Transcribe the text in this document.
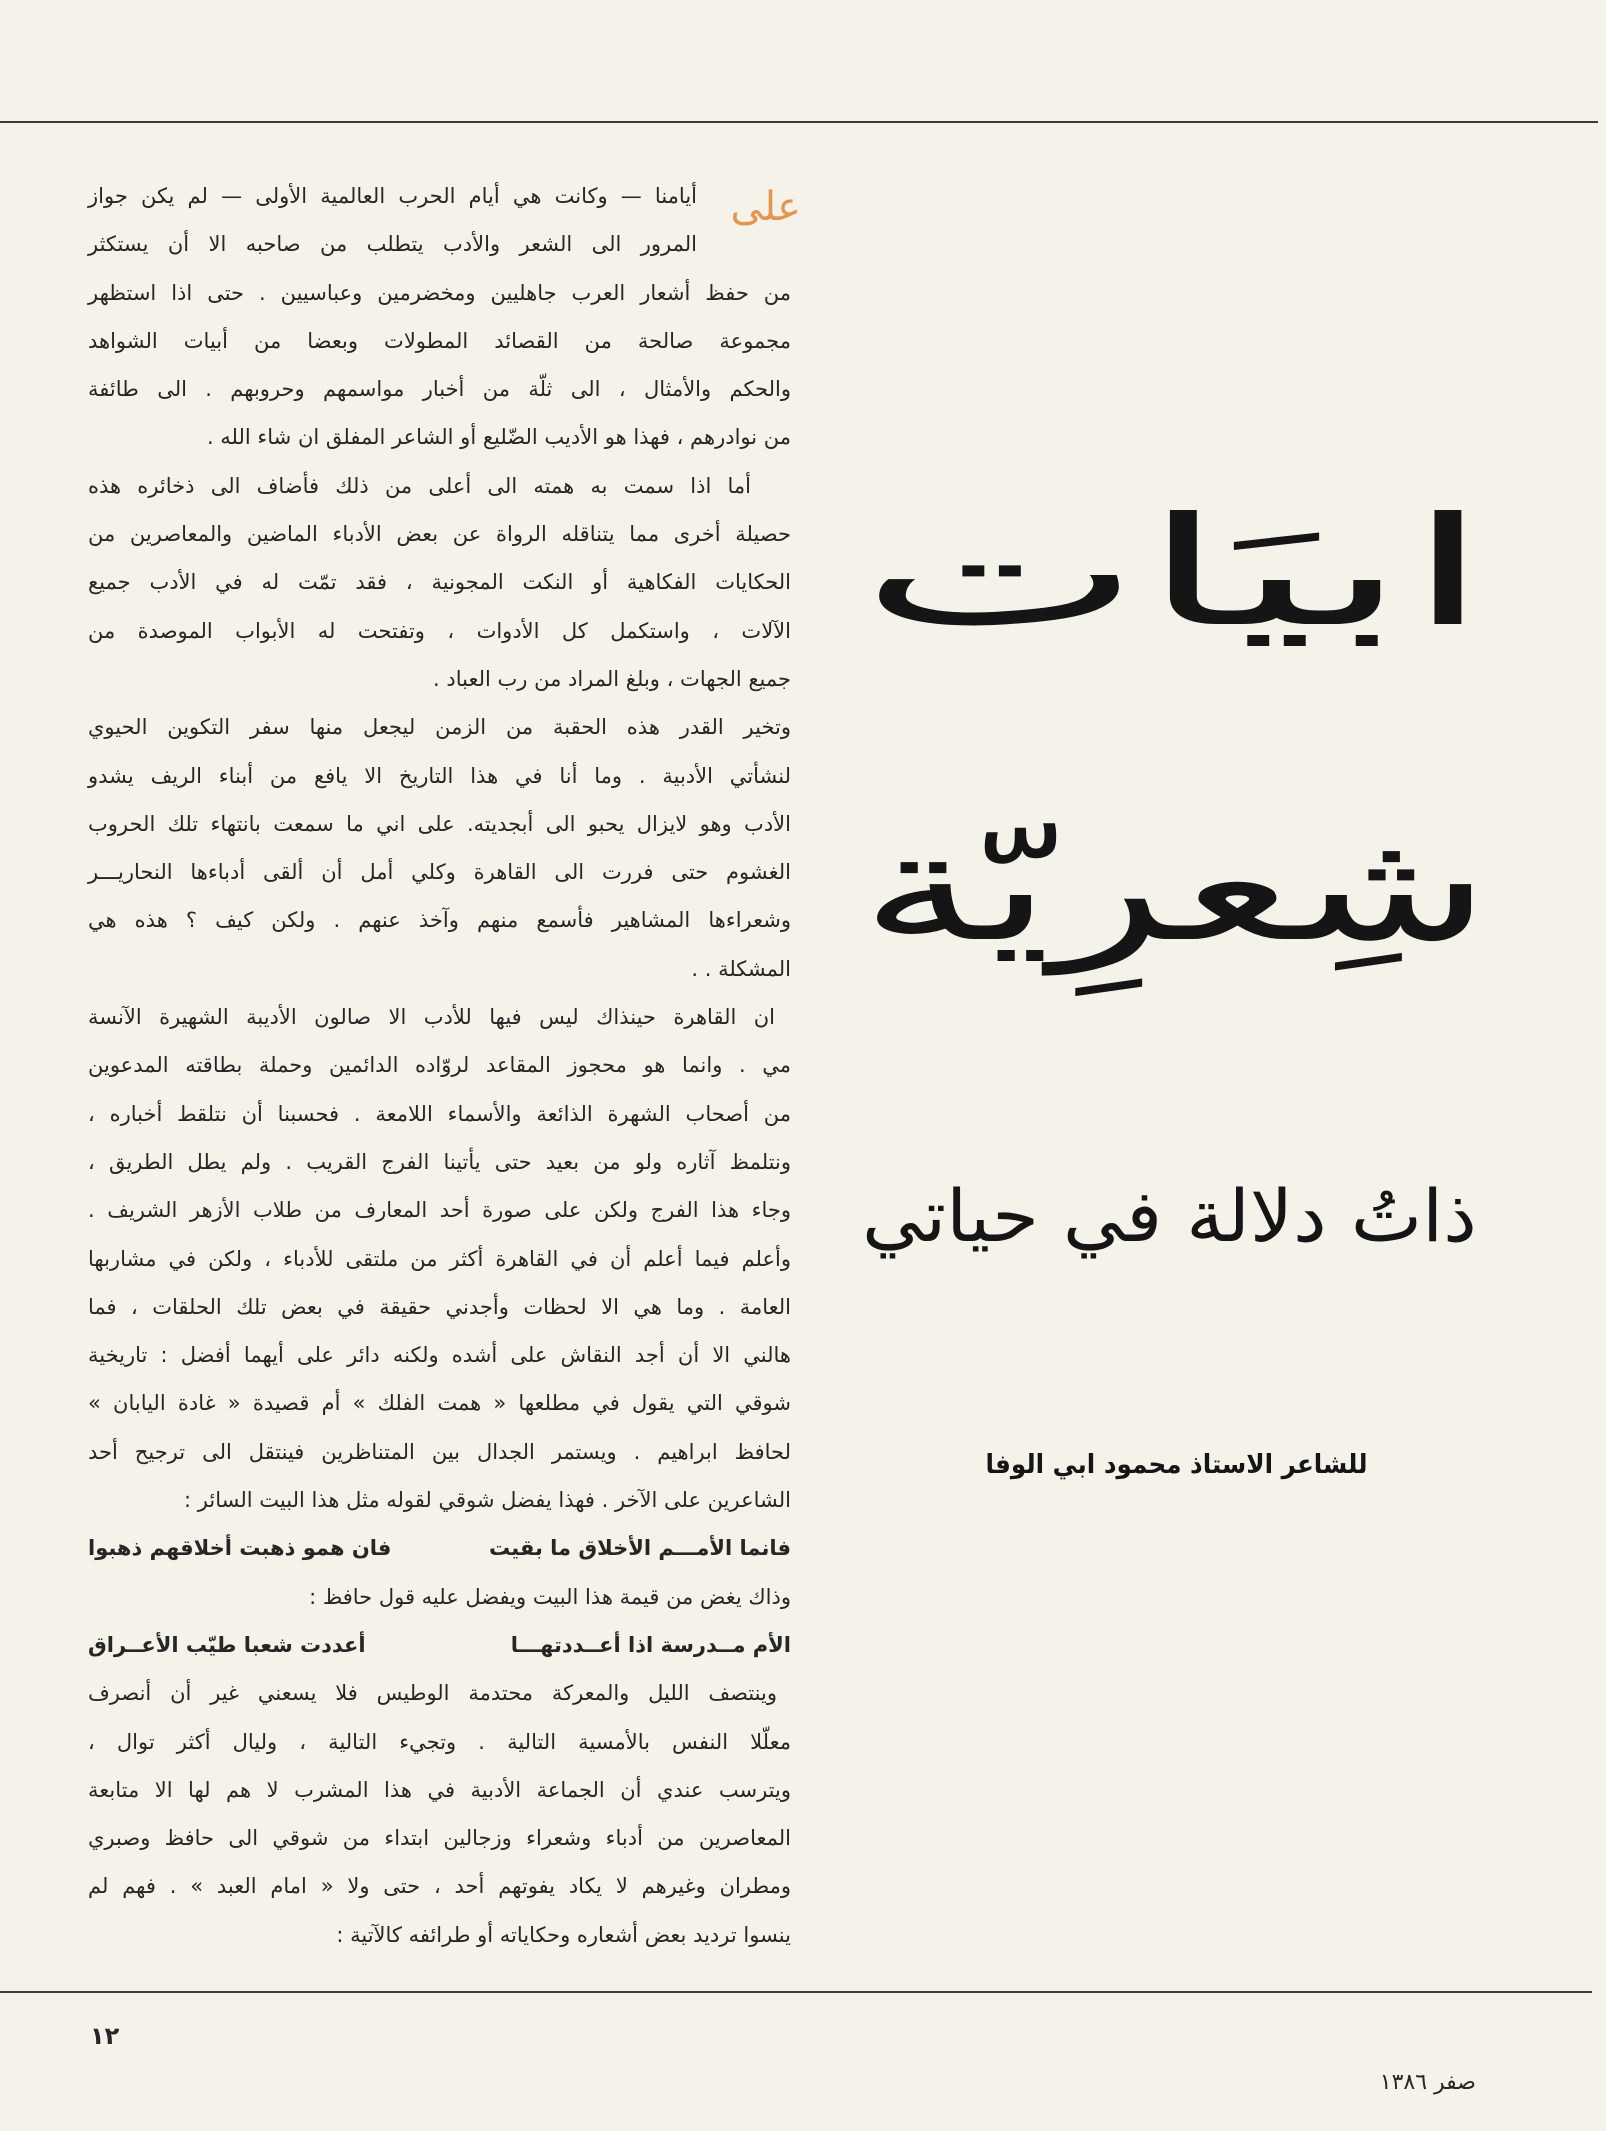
على
أيامنا — وكانت هي أيام الحرب العالمية الأولى — لم يكن جواز
المرور الى الشعر والأدب يتطلب من صاحبه الا أن يستكثر
من حفظ أشعار العرب جاهليين ومخضرمين وعباسيين . حتى اذا استظهر
مجموعة صالحة من القصائد المطولات وبعضا من أبيات الشواهد
والحكم والأمثال ، الى ثلّة من أخبار مواسمهم وحروبهم . الى طائفة
من نوادرهم ، فهذا هو الأديب الضّليع أو الشاعر المفلق ان شاء الله .
أما اذا سمت به همته الى أعلى من ذلك فأضاف الى ذخائره هذه
حصيلة أخرى مما يتناقله الرواة عن بعض الأدباء الماضين والمعاصرين من
الحكايات الفكاهية أو النكت المجونية ، فقد تمّت له في الأدب جميع
الآلات ، واستكمل كل الأدوات ، وتفتحت له الأبواب الموصدة من
جميع الجهات ، وبلغ المراد من رب العباد .
وتخير القدر هذه الحقبة من الزمن ليجعل منها سفر التكوين الحيوي
لنشأتي الأدبية . وما أنا في هذا التاريخ الا يافع من أبناء الريف يشدو
الأدب وهو لايزال يحبو الى أبجديته. على اني ما سمعت بانتهاء تلك الحروب
الغشوم حتى فررت الى القاهرة وكلي أمل أن ألقى أدباءها النحاريـــر
وشعراءها المشاهير فأسمع منهم وآخذ عنهم . ولكن كيف ؟ هذه هي
المشكلة . .
ان القاهرة حينذاك ليس فيها للأدب الا صالون الأديبة الشهيرة الآنسة
مي . وانما هو محجوز المقاعد لروّاده الدائمين وحملة بطاقته المدعوين
من أصحاب الشهرة الذائعة والأسماء اللامعة . فحسبنا أن نتلقط أخباره ،
ونتلمظ آثاره ولو من بعيد حتى يأتينا الفرج القريب . ولم يطل الطريق ،
وجاء هذا الفرج ولكن على صورة أحد المعارف من طلاب الأزهر الشريف .
وأعلم فيما أعلم أن في القاهرة أكثر من ملتقى للأدباء ، ولكن في مشاربها
العامة . وما هي الا لحظات وأجدني حقيقة في بعض تلك الحلقات ، فما
هالني الا أن أجد النقاش على أشده ولكنه دائر على أيهما أفضل : تاريخية
شوقي التي يقول في مطلعها « همت الفلك » أم قصيدة « غادة اليابان »
لحافظ ابراهيم . ويستمر الجدال بين المتناظرين فينتقل الى ترجيح أحد
الشاعرين على الآخر . فهذا يفضل شوقي لقوله مثل هذا البيت السائر :
فانما الأمـــم الأخلاق ما بقيت
فان همو ذهبت أخلاقهم ذهبوا
وذاك يغض من قيمة هذا البيت ويفضل عليه قول حافظ :
الأم مــدرسة اذا أعــددتهـــا
أعددت شعبا طيّب الأعــراق
وينتصف الليل والمعركة محتدمة الوطيس فلا يسعني غير أن أنصرف
معلّلا النفس بالأمسية التالية . وتجيء التالية ، وليال أكثر توال ،
ويترسب عندي أن الجماعة الأدبية في هذا المشرب لا هم لها الا متابعة
المعاصرين من أدباء وشعراء وزجالين ابتداء من شوقي الى حافظ وصبري
ومطران وغيرهم لا يكاد يفوتهم أحد ، حتى ولا « امام العبد » . فهم لم
ينسوا ترديد بعض أشعاره وحكاياته أو طرائفه كالآتية :
ابيَات
شِعرِيّة
ذاتُ دلالة في حياتي
للشاعر الاستاذ محمود ابي الوفا
١٢
صفر ١٣٨٦
